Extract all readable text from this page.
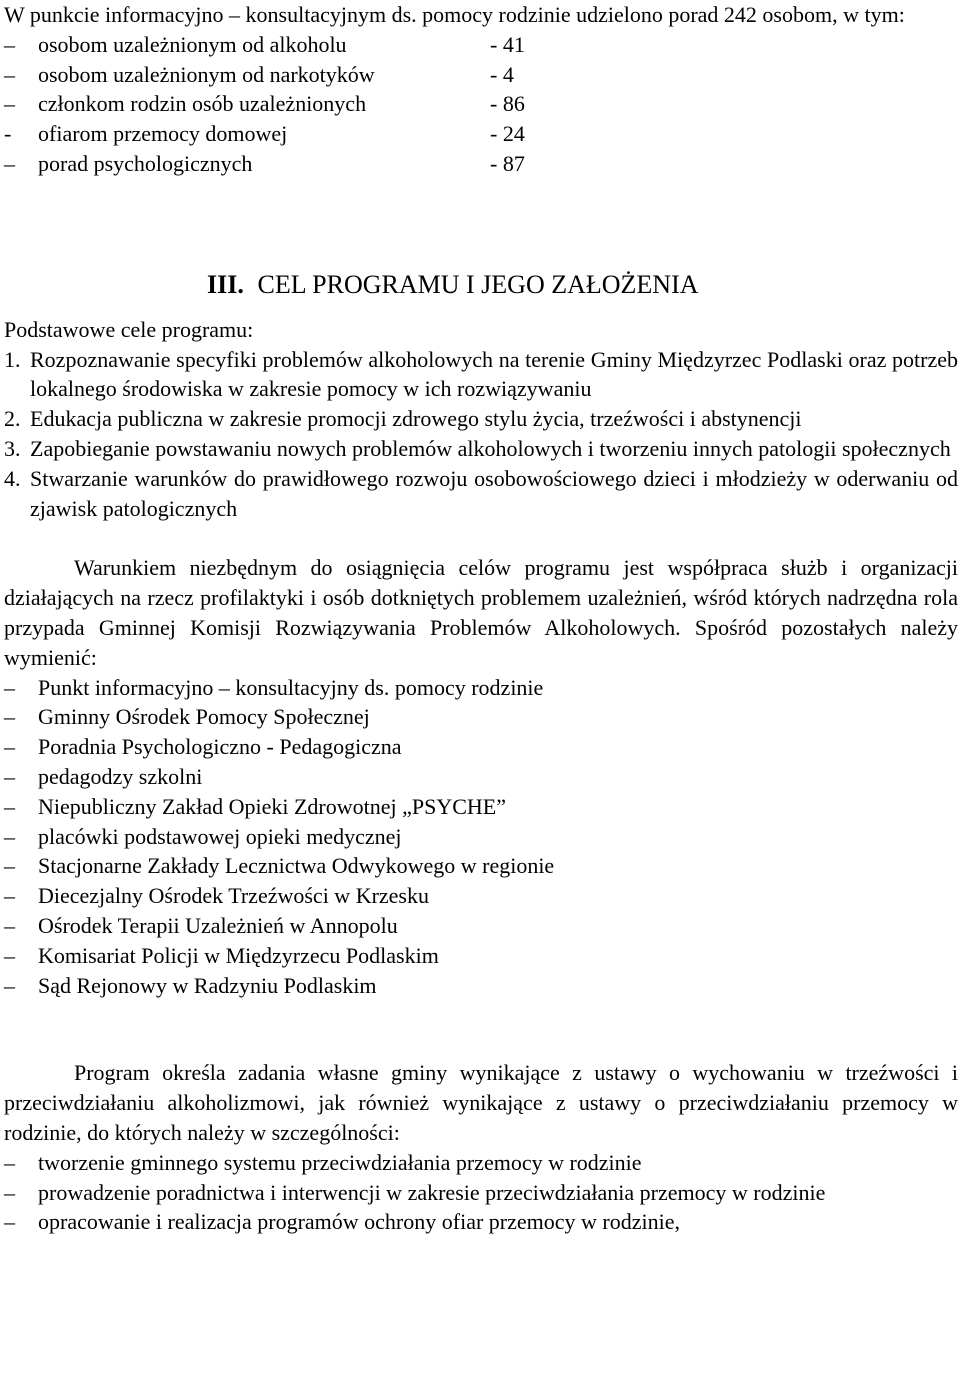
W punkcie informacyjno – konsultacyjnym ds. pomocy rodzinie udzielono porad 242 osobom, w tym:

–	osobom uzależnionym od alkoholu	- 41
–	osobom uzależnionym od narkotyków	- 4
–	członkom rodzin osób uzależnionych	- 86
-	ofiarom przemocy domowej	- 24
–	porad psychologicznych	- 87
III. CEL PROGRAMU I JEGO ZAŁOŻENIA

Podstawowe cele programu:

1. Rozpoznawanie specyfiki problemów alkoholowych na terenie Gminy Międzyrzec Podlaski oraz potrzeb lokalnego środowiska w zakresie pomocy w ich rozwiązywaniu
2. Edukacja publiczna w zakresie promocji zdrowego stylu życia, trzeźwości i abstynencji
3. Zapobieganie powstawaniu nowych problemów alkoholowych i tworzeniu innych patologii społecznych
4. Stwarzanie warunków do prawidłowego rozwoju osobowościowego dzieci i młodzieży w oderwaniu od zjawisk patologicznych

Warunkiem niezbędnym do osiągnięcia celów programu jest współpraca służb i organizacji działających na rzecz profilaktyki i osób dotkniętych problemem uzależnień, wśród których nadrzędna rola przypada Gminnej Komisji Rozwiązywania Problemów Alkoholowych. Spośród pozostałych należy wymienić:

–	Punkt informacyjno – konsultacyjny ds. pomocy rodzinie
–	Gminny Ośrodek Pomocy Społecznej
–	Poradnia Psychologiczno - Pedagogiczna
–	pedagodzy szkolni
–	Niepubliczny Zakład Opieki Zdrowotnej „PSYCHE”
–	placówki podstawowej opieki medycznej
–	Stacjonarne Zakłady Lecznictwa Odwykowego w regionie
–	Diecezjalny Ośrodek Trzeźwości w Krzesku
–	Ośrodek Terapii Uzależnień w Annopolu
–	Komisariat Policji w Międzyrzecu Podlaskim
–	Sąd Rejonowy w Radzyniu Podlaskim

Program określa zadania własne gminy wynikające z ustawy o wychowaniu w trzeźwości i przeciwdziałaniu alkoholizmowi, jak również wynikające z ustawy o przeciwdziałaniu przemocy w rodzinie, do których należy w szczególności:

–	tworzenie gminnego systemu przeciwdziałania przemocy w rodzinie
–	prowadzenie poradnictwa i interwencji w zakresie przeciwdziałania przemocy w rodzinie
–	opracowanie i realizacja programów ochrony ofiar przemocy w rodzinie,
